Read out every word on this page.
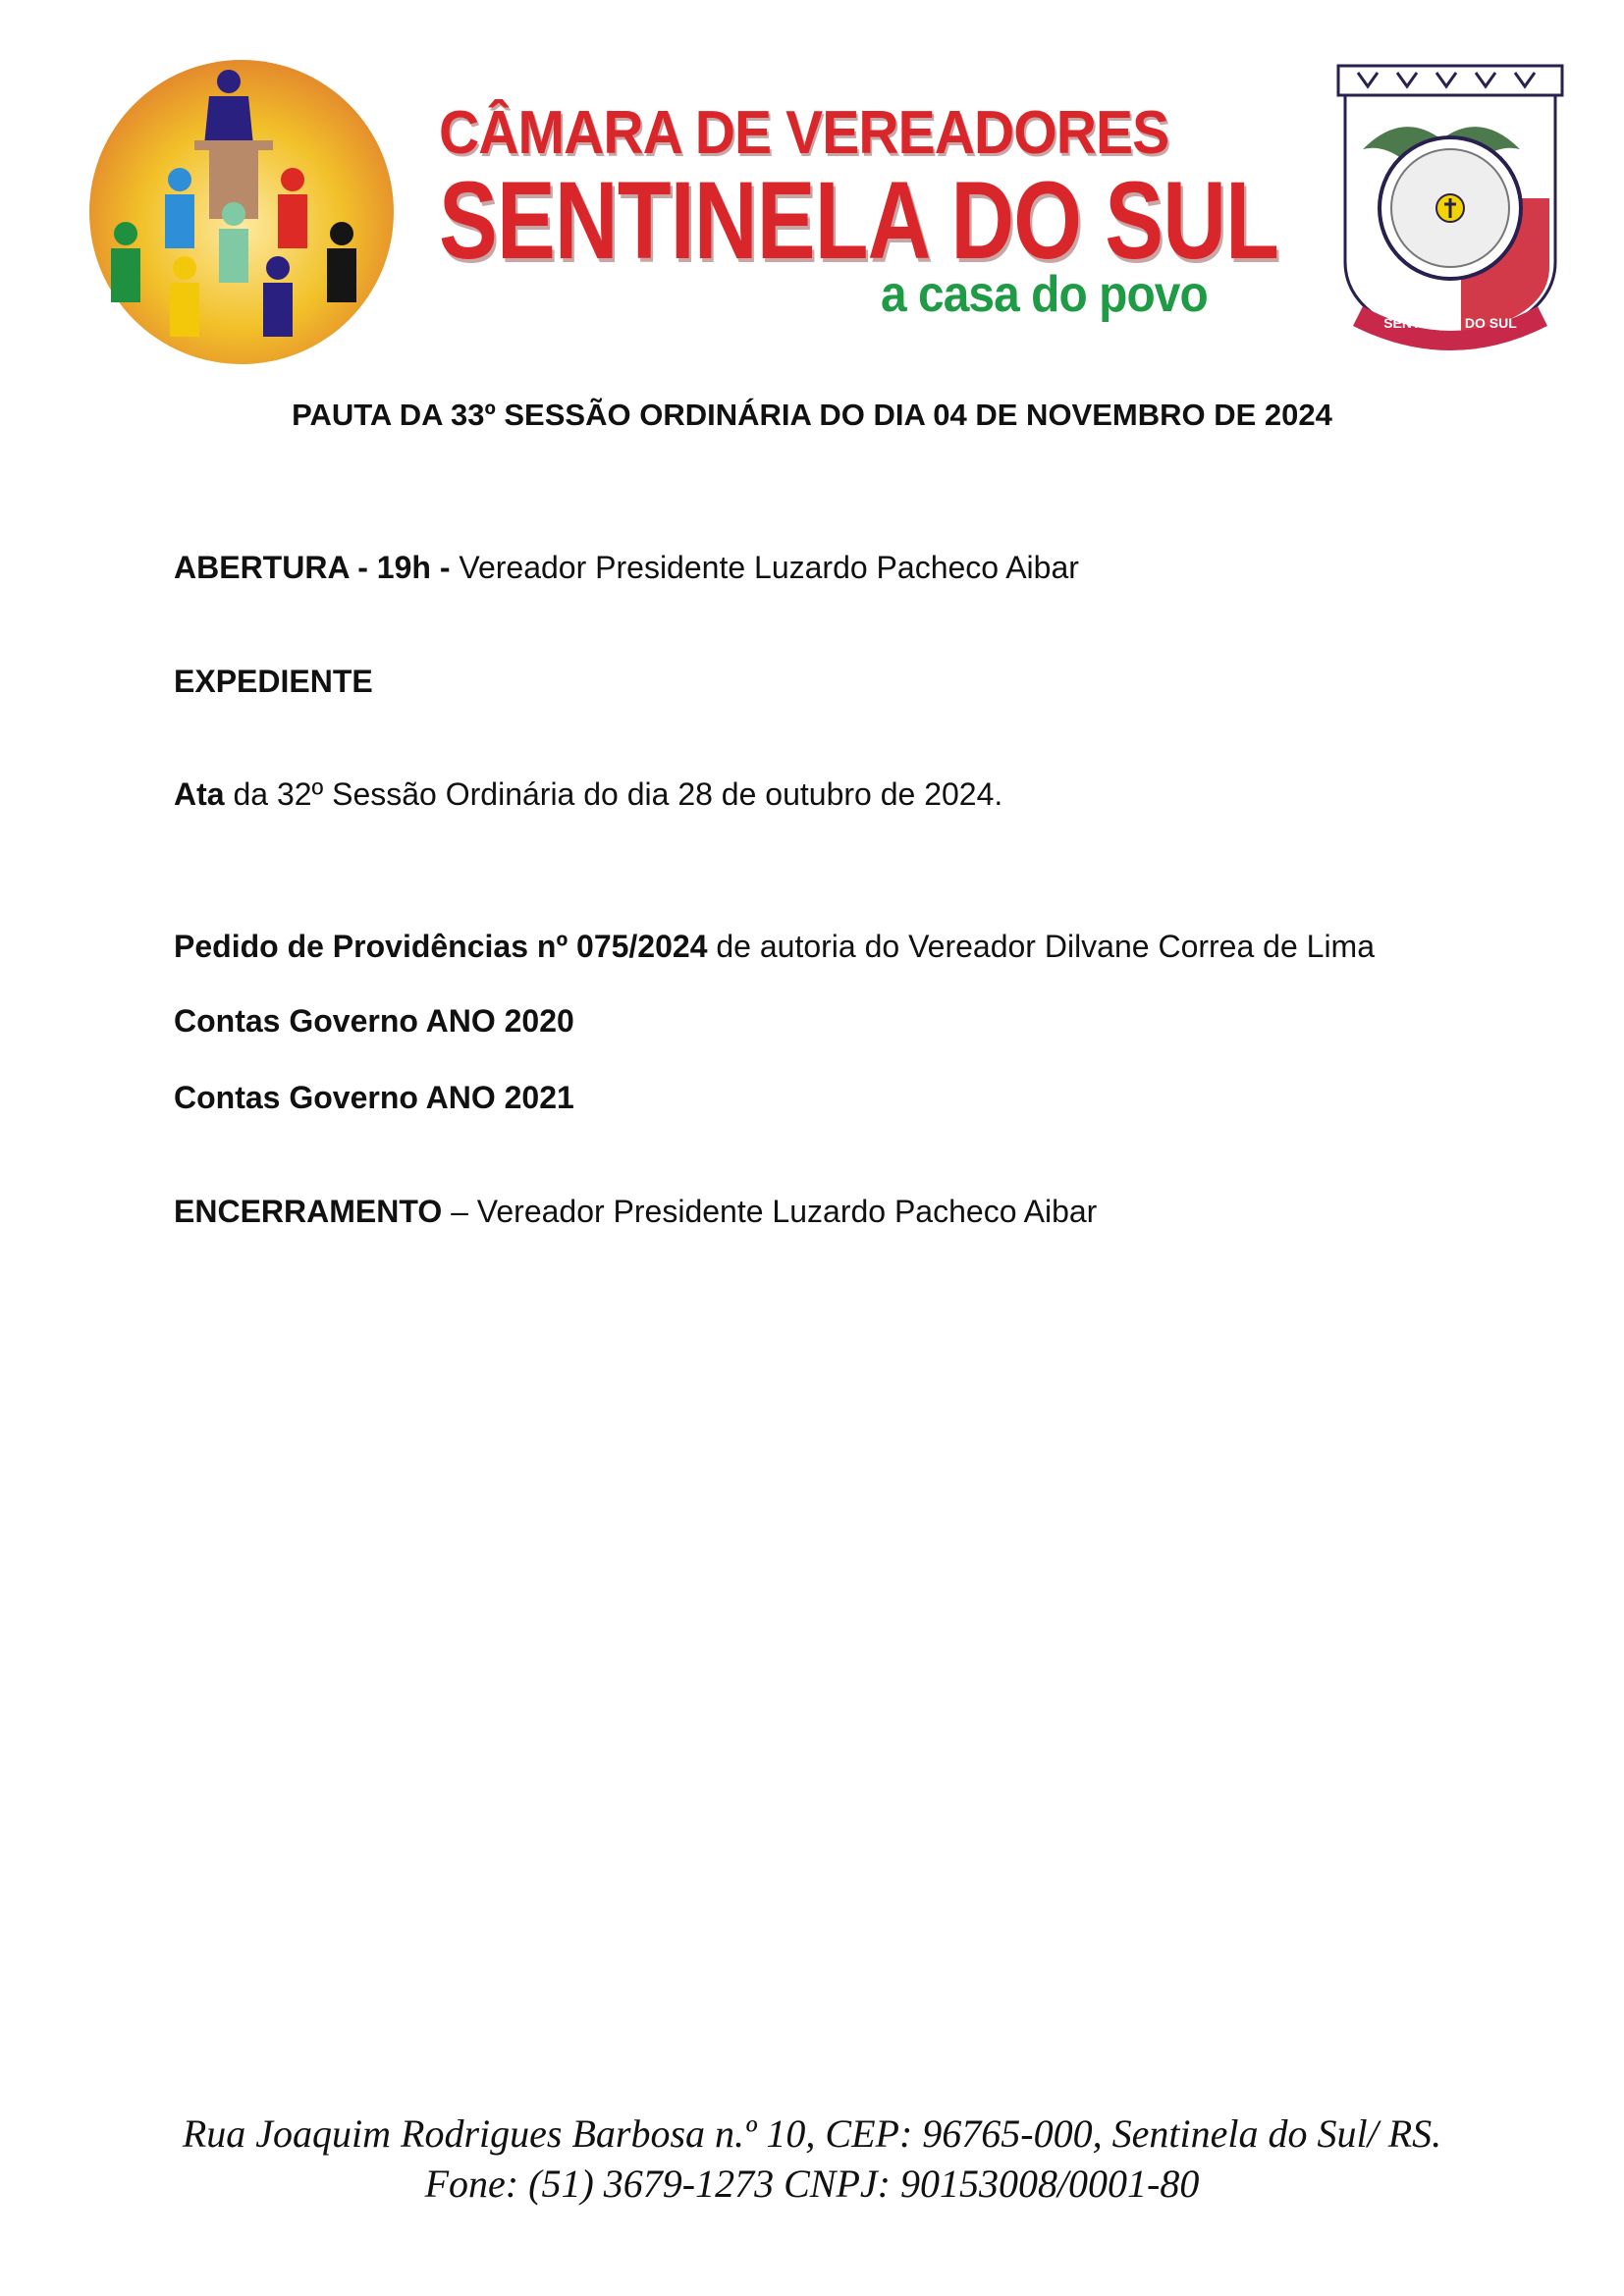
CÂMARA DE VEREADORES
SENTINELA DO SUL
a casa do povo	SENTINELA DO SUL
PAUTA DA 33º SESSÃO ORDINÁRIA DO DIA 04 DE NOVEMBRO DE 2024
ABERTURA - 19h - Vereador Presidente Luzardo Pacheco Aibar
EXPEDIENTE
Ata da 32º Sessão Ordinária do dia 28 de outubro de 2024.
Pedido de Providências nº 075/2024 de autoria do Vereador Dilvane Correa de Lima
Contas Governo ANO 2020
Contas Governo ANO 2021
ENCERRAMENTO – Vereador Presidente Luzardo Pacheco Aibar
Rua Joaquim Rodrigues Barbosa n.º 10, CEP: 96765-000, Sentinela do Sul/ RS.
Fone: (51) 3679-1273 CNPJ: 90153008/0001-80
